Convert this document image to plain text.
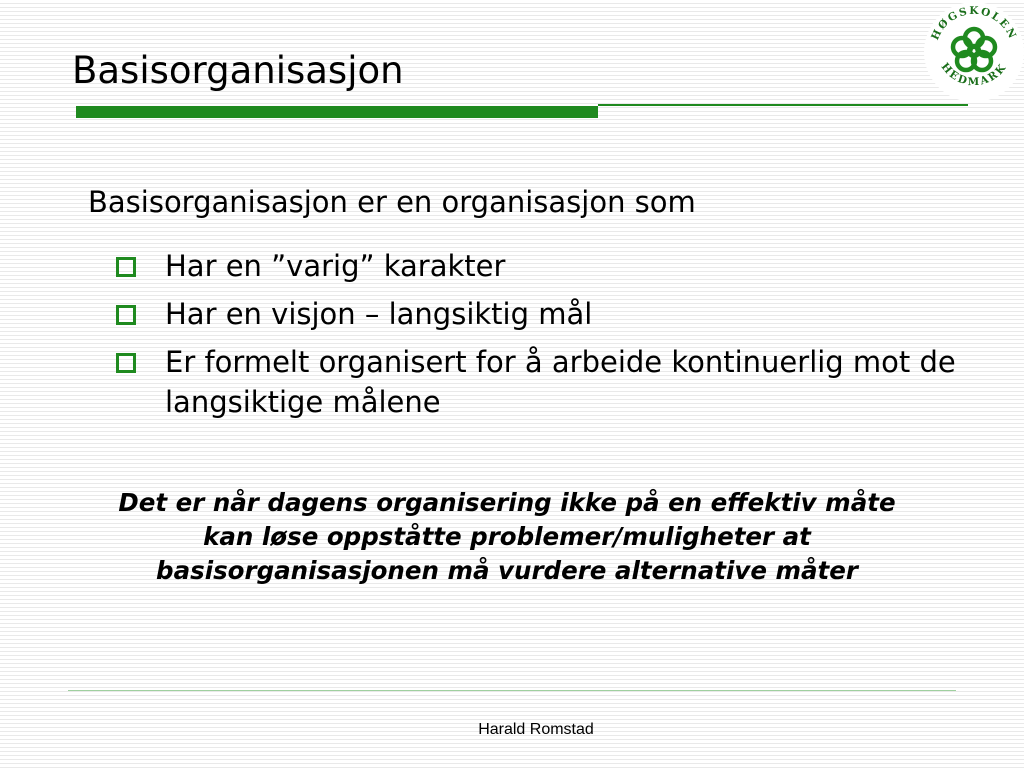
Basisorganisasjon
HØGSKOLEN
HEDMARK
Basisorganisasjon er en organisasjon som
Har en ”varig” karakter
Har en visjon – langsiktig mål
Er formelt organisert for å arbeide kontinuerlig mot de langsiktige målene
Det er når dagens organisering ikke på en effektiv måte kan løse oppståtte problemer/muligheter at basisorganisasjonen må vurdere alternative måter
Harald Romstad
